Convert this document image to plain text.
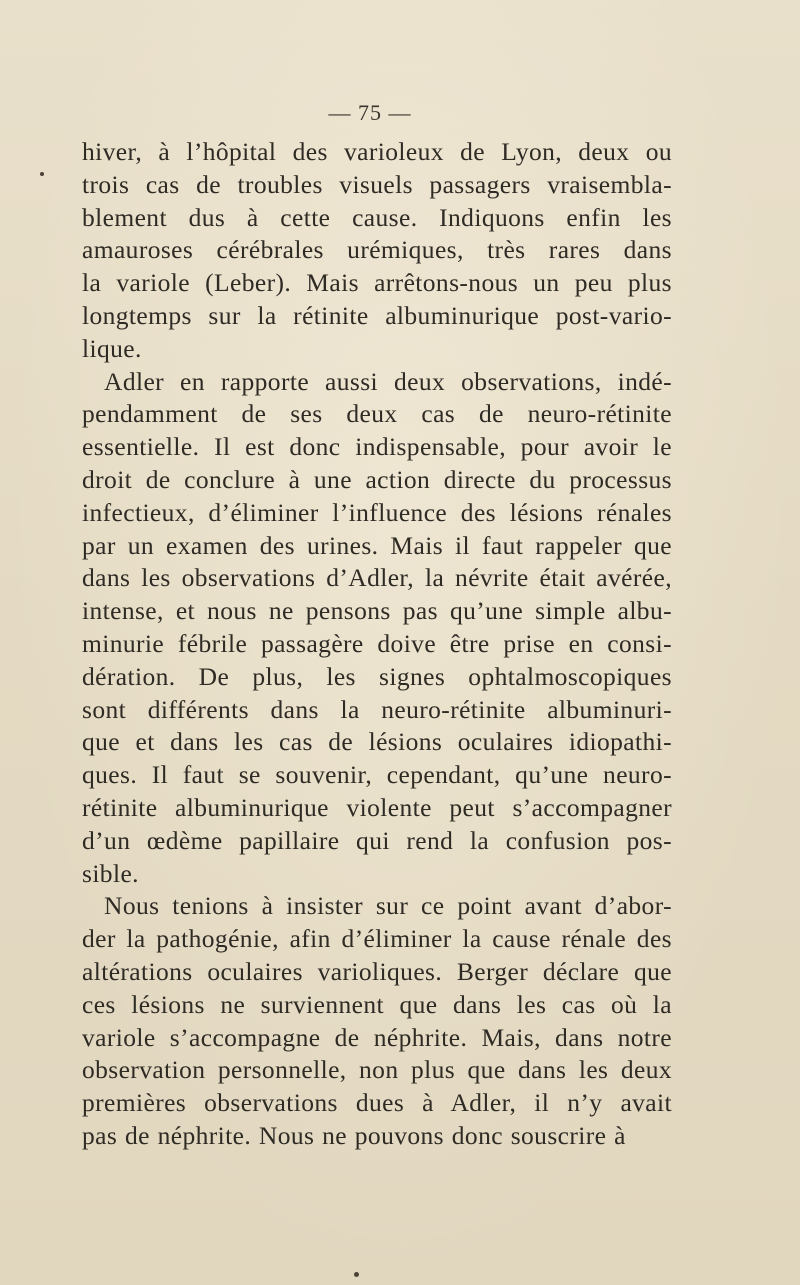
— 75 —
hiver, à l’hôpital des varioleux de Lyon, deux ou
trois cas de troubles visuels passagers vraisembla-
blement dus à cette cause. Indiquons enfin les
amauroses cérébrales urémiques, très rares dans
la variole (Leber). Mais arrêtons-nous un peu plus
longtemps sur la rétinite albuminurique post-vario-
lique.
Adler en rapporte aussi deux observations, indé-
pendamment de ses deux cas de neuro-rétinite
essentielle. Il est donc indispensable, pour avoir le
droit de conclure à une action directe du processus
infectieux, d’éliminer l’influence des lésions rénales
par un examen des urines. Mais il faut rappeler que
dans les observations d’Adler, la névrite était avérée,
intense, et nous ne pensons pas qu’une simple albu-
minurie fébrile passagère doive être prise en consi-
dération. De plus, les signes ophtalmoscopiques
sont différents dans la neuro-rétinite albuminuri-
que et dans les cas de lésions oculaires idiopathi-
ques. Il faut se souvenir, cependant, qu’une neuro-
rétinite albuminurique violente peut s’accompagner
d’un œdème papillaire qui rend la confusion pos-
sible.
Nous tenions à insister sur ce point avant d’abor-
der la pathogénie, afin d’éliminer la cause rénale des
altérations oculaires varioliques. Berger déclare que
ces lésions ne surviennent que dans les cas où la
variole s’accompagne de néphrite. Mais, dans notre
observation personnelle, non plus que dans les deux
premières observations dues à Adler, il n’y avait
pas de néphrite. Nous ne pouvons donc souscrire à
